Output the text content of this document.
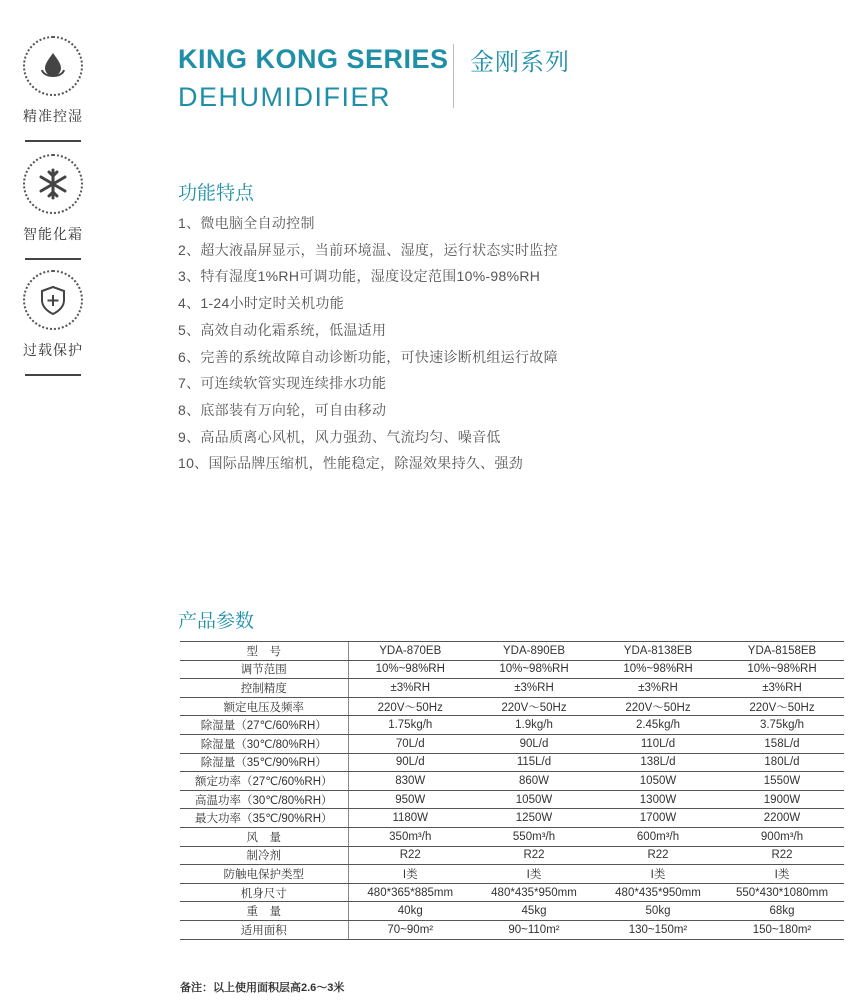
精准控湿
智能化霜
过载保护
KING KONG SERIES
DEHUMIDIFIER
金刚系列
功能特点
1、微电脑全自动控制
2、超大液晶屏显示，当前环境温、湿度，运行状态实时监控
3、特有湿度1%RH可调功能，湿度设定范围10%-98%RH
4、1-24小时定时关机功能
5、高效自动化霜系统，低温适用
6、完善的系统故障自动诊断功能，可快速诊断机组运行故障
7、可连续软管实现连续排水功能
8、底部装有万向轮，可自由移动
9、高品质离心风机，风力强劲、气流均匀、噪音低
10、国际品牌压缩机，性能稳定，除湿效果持久、强劲
产品参数
型　号	YDA-870EB	YDA-890EB	YDA-8138EB	YDA-8158EB
调节范围	10%~98%RH	10%~98%RH	10%~98%RH	10%~98%RH
控制精度	±3%RH	±3%RH	±3%RH	±3%RH
额定电压及频率	220V～50Hz	220V～50Hz	220V～50Hz	220V～50Hz
除湿量（27℃/60%RH）	1.75kg/h	1.9kg/h	2.45kg/h	3.75kg/h
除湿量（30℃/80%RH）	70L/d	90L/d	110L/d	158L/d
除湿量（35℃/90%RH）	90L/d	115L/d	138L/d	180L/d
额定功率（27℃/60%RH）	830W	860W	1050W	1550W
高温功率（30℃/80%RH）	950W	1050W	1300W	1900W
最大功率（35℃/90%RH）	1180W	1250W	1700W	2200W
风　量	350m³/h	550m³/h	600m³/h	900m³/h
制冷剂	R22	R22	R22	R22
防触电保护类型	I类	I类	I类	I类
机身尺寸	480*365*885mm	480*435*950mm	480*435*950mm	550*430*1080mm
重　量	40kg	45kg	50kg	68kg
适用面积	70~90m²	90~110m²	130~150m²	150~180m²
备注：以上使用面积层高2.6～3米
